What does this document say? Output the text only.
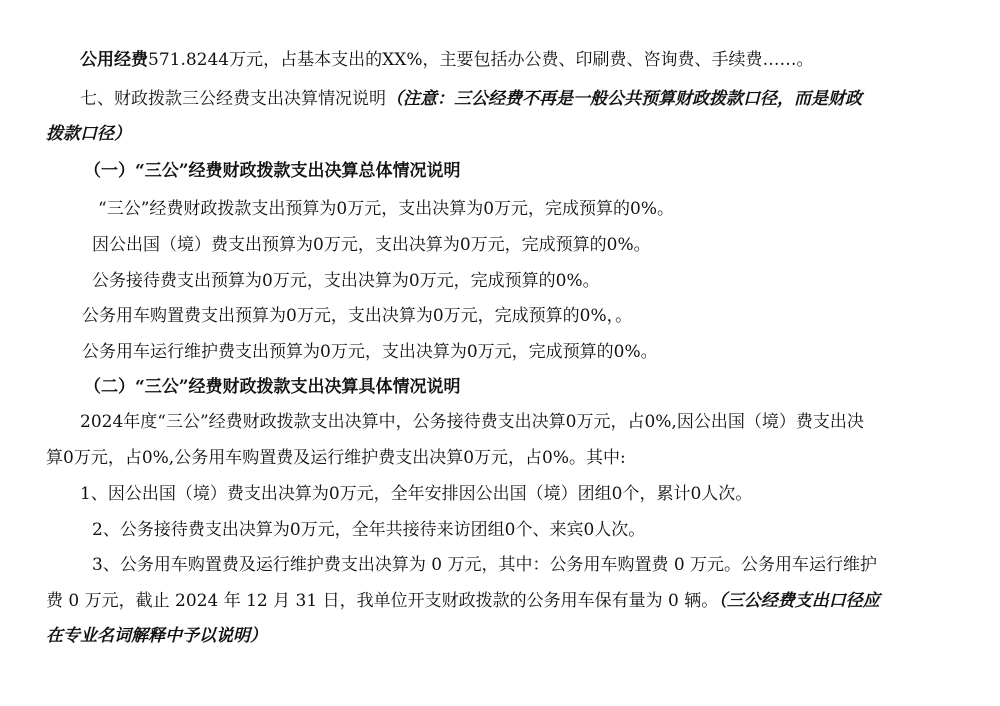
公用经费571.8244万元，占基本支出的XX%，主要包括办公费、印刷费、咨询费、手续费……。
七、财政拨款三公经费支出决算情况说明（注意：三公经费不再是一般公共预算财政拨款口径，而是财政
拨款口径）
（一）“三公”经费财政拨款支出决算总体情况说明
“三公”经费财政拨款支出预算为0万元，支出决算为0万元，完成预算的0%。
因公出国（境）费支出预算为0万元，支出决算为0万元，完成预算的0%。
公务接待费支出预算为0万元，支出决算为0万元，完成预算的0%。
公务用车购置费支出预算为0万元，支出决算为0万元，完成预算的0%，。
公务用车运行维护费支出预算为0万元，支出决算为0万元，完成预算的0%。
（二）“三公”经费财政拨款支出决算具体情况说明
2024年度“三公”经费财政拨款支出决算中，公务接待费支出决算0万元，占0%,因公出国（境）费支出决
算0万元，占0%,公务用车购置费及运行维护费支出决算0万元，占0%。其中:
1、因公出国（境）费支出决算为0万元，全年安排因公出国（境）团组0个，累计0人次。
2、公务接待费支出决算为0万元，全年共接待来访团组0个、来宾0人次。
3、公务用车购置费及运行维护费支出决算为 0 万元，其中：公务用车购置费 0 万元。公务用车运行维护
费 0 万元，截止 2024 年 12 月 31 日，我单位开支财政拨款的公务用车保有量为 0 辆。（三公经费支出口径应
在专业名词解释中予以说明）
